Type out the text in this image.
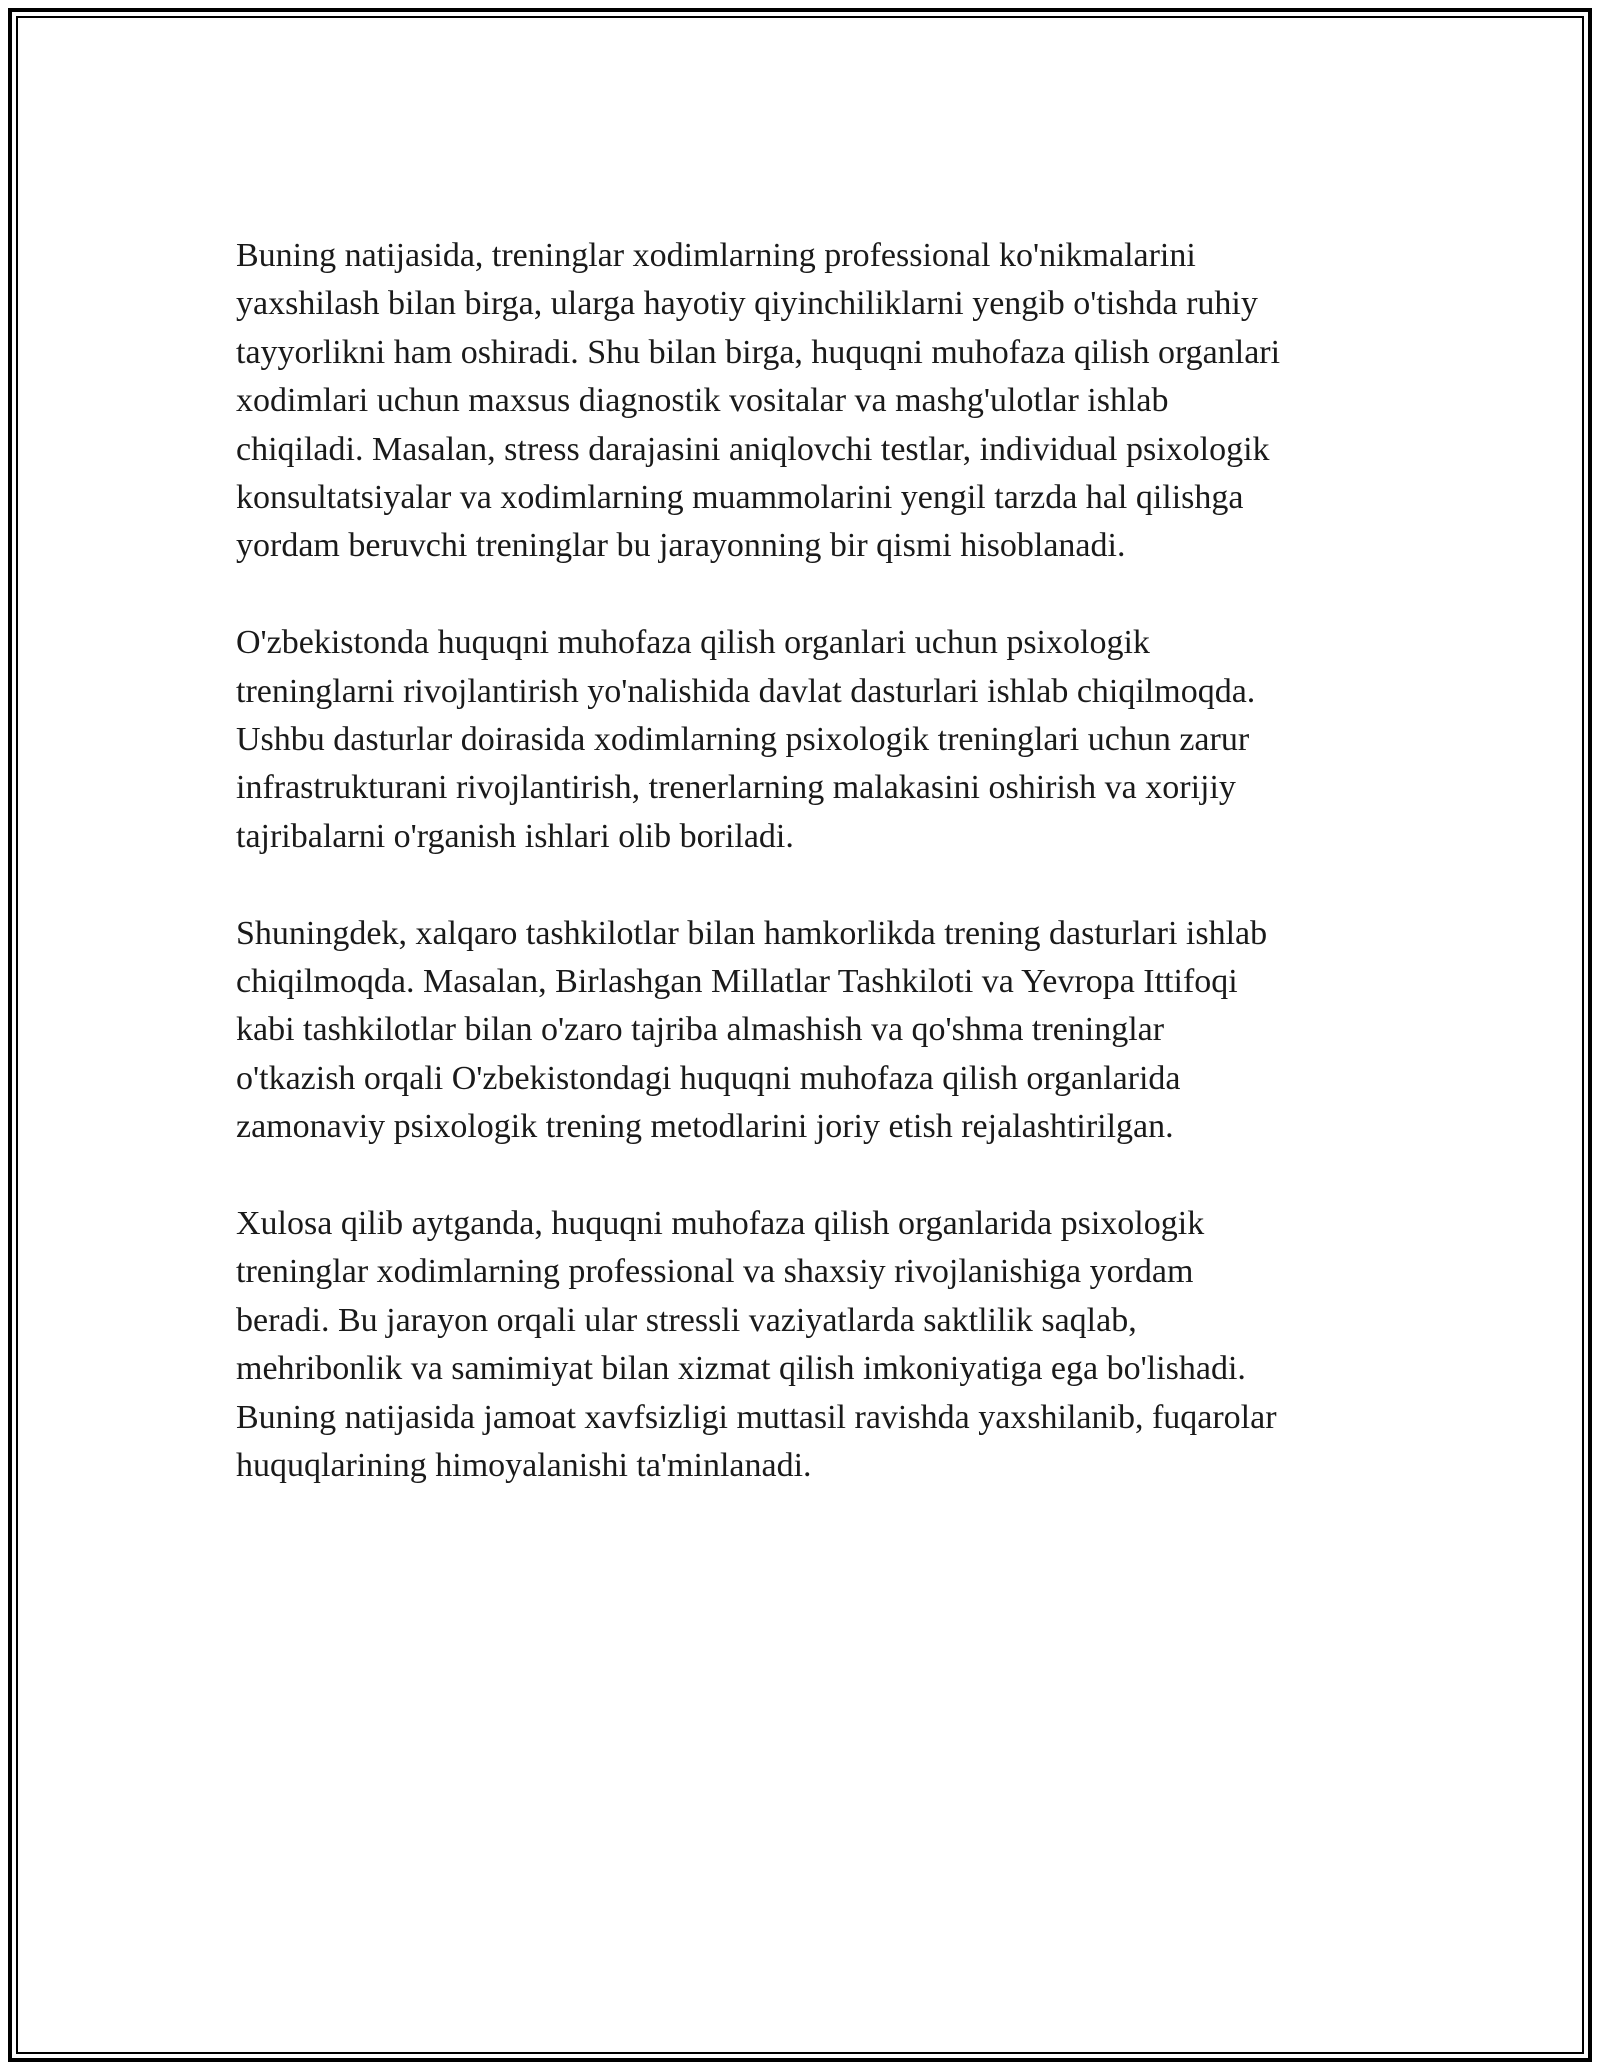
Buning natijasida, treninglar xodimlarning professional ko'nikmalarini
yaxshilash bilan birga, ularga hayotiy qiyinchiliklarni yengib o'tishda ruhiy
tayyorlikni ham oshiradi. Shu bilan birga, huquqni muhofaza qilish organlari
xodimlari uchun maxsus diagnostik vositalar va mashg'ulotlar ishlab
chiqiladi. Masalan, stress darajasini aniqlovchi testlar, individual psixologik
konsultatsiyalar va xodimlarning muammolarini yengil tarzda hal qilishga
yordam beruvchi treninglar bu jarayonning bir qismi hisoblanadi.

O'zbekistonda huquqni muhofaza qilish organlari uchun psixologik
treninglarni rivojlantirish yo'nalishida davlat dasturlari ishlab chiqilmoqda.
Ushbu dasturlar doirasida xodimlarning psixologik treninglari uchun zarur
infrastrukturani rivojlantirish, trenerlarning malakasini oshirish va xorijiy
tajribalarni o'rganish ishlari olib boriladi.

Shuningdek, xalqaro tashkilotlar bilan hamkorlikda trening dasturlari ishlab
chiqilmoqda. Masalan, Birlashgan Millatlar Tashkiloti va Yevropa Ittifoqi
kabi tashkilotlar bilan o'zaro tajriba almashish va qo'shma treninglar
o'tkazish orqali O'zbekistondagi huquqni muhofaza qilish organlarida
zamonaviy psixologik trening metodlarini joriy etish rejalashtirilgan.

Xulosa qilib aytganda, huquqni muhofaza qilish organlarida psixologik
treninglar xodimlarning professional va shaxsiy rivojlanishiga yordam
beradi. Bu jarayon orqali ular stressli vaziyatlarda saktlilik saqlab,
mehribonlik va samimiyat bilan xizmat qilish imkoniyatiga ega bo'lishadi.
Buning natijasida jamoat xavfsizligi muttasil ravishda yaxshilanib, fuqarolar
huquqlarining himoyalanishi ta'minlanadi.
